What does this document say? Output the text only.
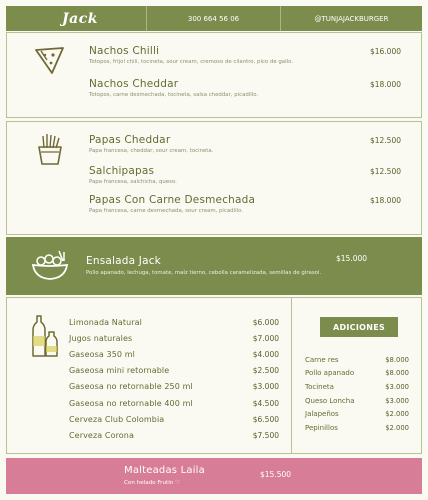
Jack	300 664 56 06	@TUNJAJACKBURGER
Nachos Chilli
Totopos, frijol chili, tocineta, sour cream, cremoso de cilantro, pico de gallo.
$16.000
Nachos Cheddar
Totopos, carne desmechada, tocineta, salsa cheddar, picadillo.
$18.000
Papas Cheddar
Papa francesa, cheddar, sour cream, tocineta.
$12.500
Salchipapas
Papa francesa, salchicha, queso.
$12.500
Papas Con Carne Desmechada
Papa francesa, carne desmechada, sour cream, picadillo.
$18.000
Ensalada Jack
Pollo apanado, lechuga, tomate, maíz tierno, cebolla caramelizada, semillas de girasol.
$15.000
Limonada Natural	$6.000
Jugos naturales	$7.000
Gaseosa 350 ml	$4.000
Gaseosa mini retornable	$2.500
Gaseosa no retornable 250 ml	$3.000
Gaseosa no retornable 400 ml	$4.500
Cerveza Club Colombia	$6.500
Cerveza Corona	$7.500
ADICIONES
Carne res	$8.000
Pollo apanado	$8.000
Tocineta	$3.000
Queso Loncha	$3.000
Jalapeños	$2.000
Pepinillos	$2.000
Malteadas Laila
Con helado Frutin ♡
$15.500
